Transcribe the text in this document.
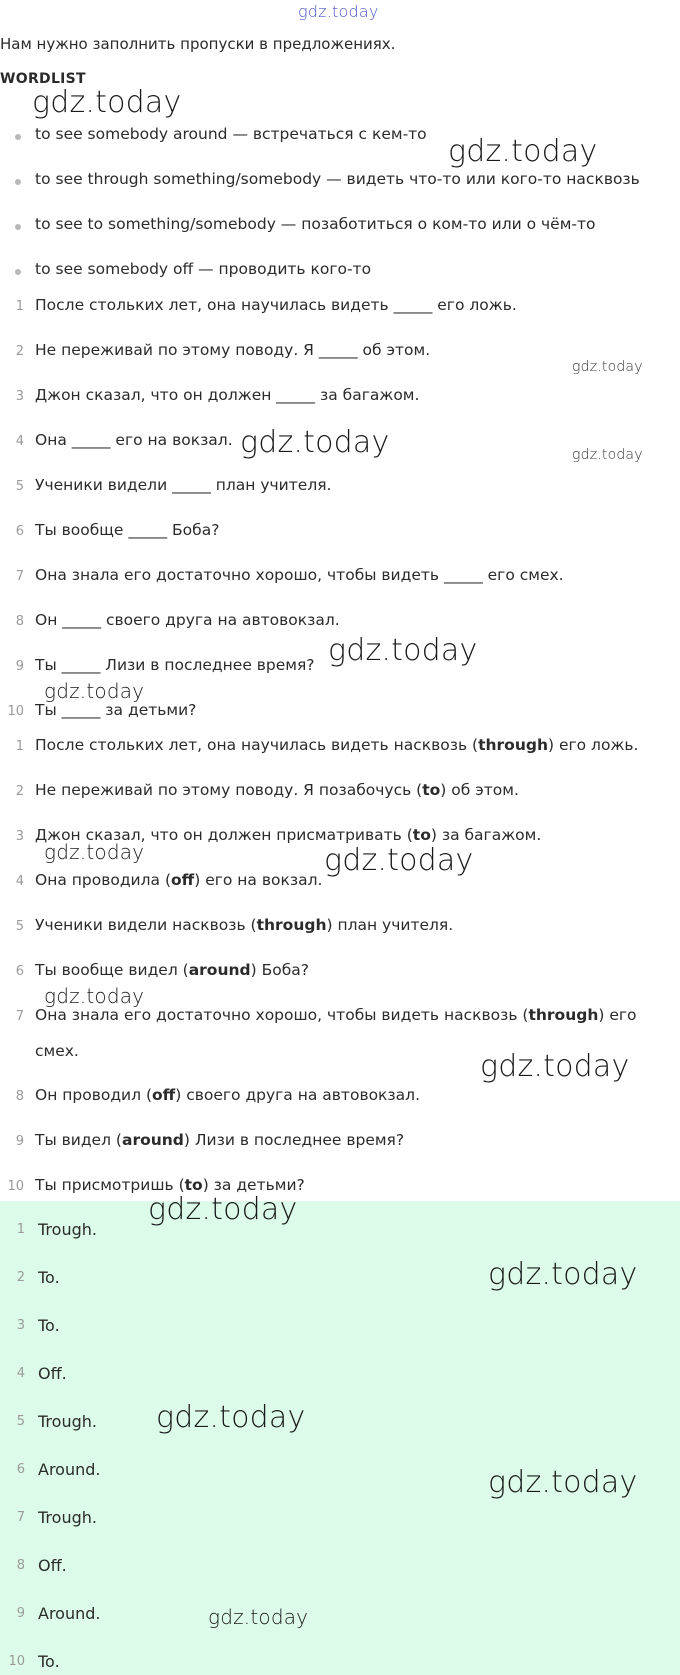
gdz.today
Нам нужно заполнить пропуски в предложениях.
WORDLIST
to see somebody around — встречаться с кем-то
to see through something/somebody — видеть что-то или кого-то насквозь
to see to something/somebody — позаботиться о ком-то или о чём-то
to see somebody off — проводить кого-то
1 После стольких лет, она научилась видеть _____ его ложь.
2 Не переживай по этому поводу. Я _____ об этом.
3 Джон сказал, что он должен _____ за багажом.
4 Она _____ его на вокзал.
5 Ученики видели _____ план учителя.
6 Ты вообще _____ Боба?
7 Она знала его достаточно хорошо, чтобы видеть _____ его смех.
8 Он _____ своего друга на автовокзал.
9 Ты _____ Лизи в последнее время?
10 Ты _____ за детьми?
1 После стольких лет, она научилась видеть насквозь (through) его ложь.
2 Не переживай по этому поводу. Я позабочусь (to) об этом.
3 Джон сказал, что он должен присматривать (to) за багажом.
4 Она проводила (off) его на вокзал.
5 Ученики видели насквозь (through) план учителя.
6 Ты вообще видел (around) Боба?
7 Она знала его достаточно хорошо, чтобы видеть насквозь (through) его смех.
8 Он проводил (off) своего друга на автовокзал.
9 Ты видел (around) Лизи в последнее время?
10 Ты присмотришь (to) за детьми?
1 Trough.
2 To.
3 To.
4 Off.
5 Trough.
6 Around.
7 Trough.
8 Off.
9 Around.
10 To.
gdz.today
gdz.today
gdz.today
gdz.today	gdz.today
gdz.today
gdz.today
gdz.today	gdz.today
gdz.today
gdz.today
gdz.today
gdz.today
gdz.today
gdz.today
gdz.today
